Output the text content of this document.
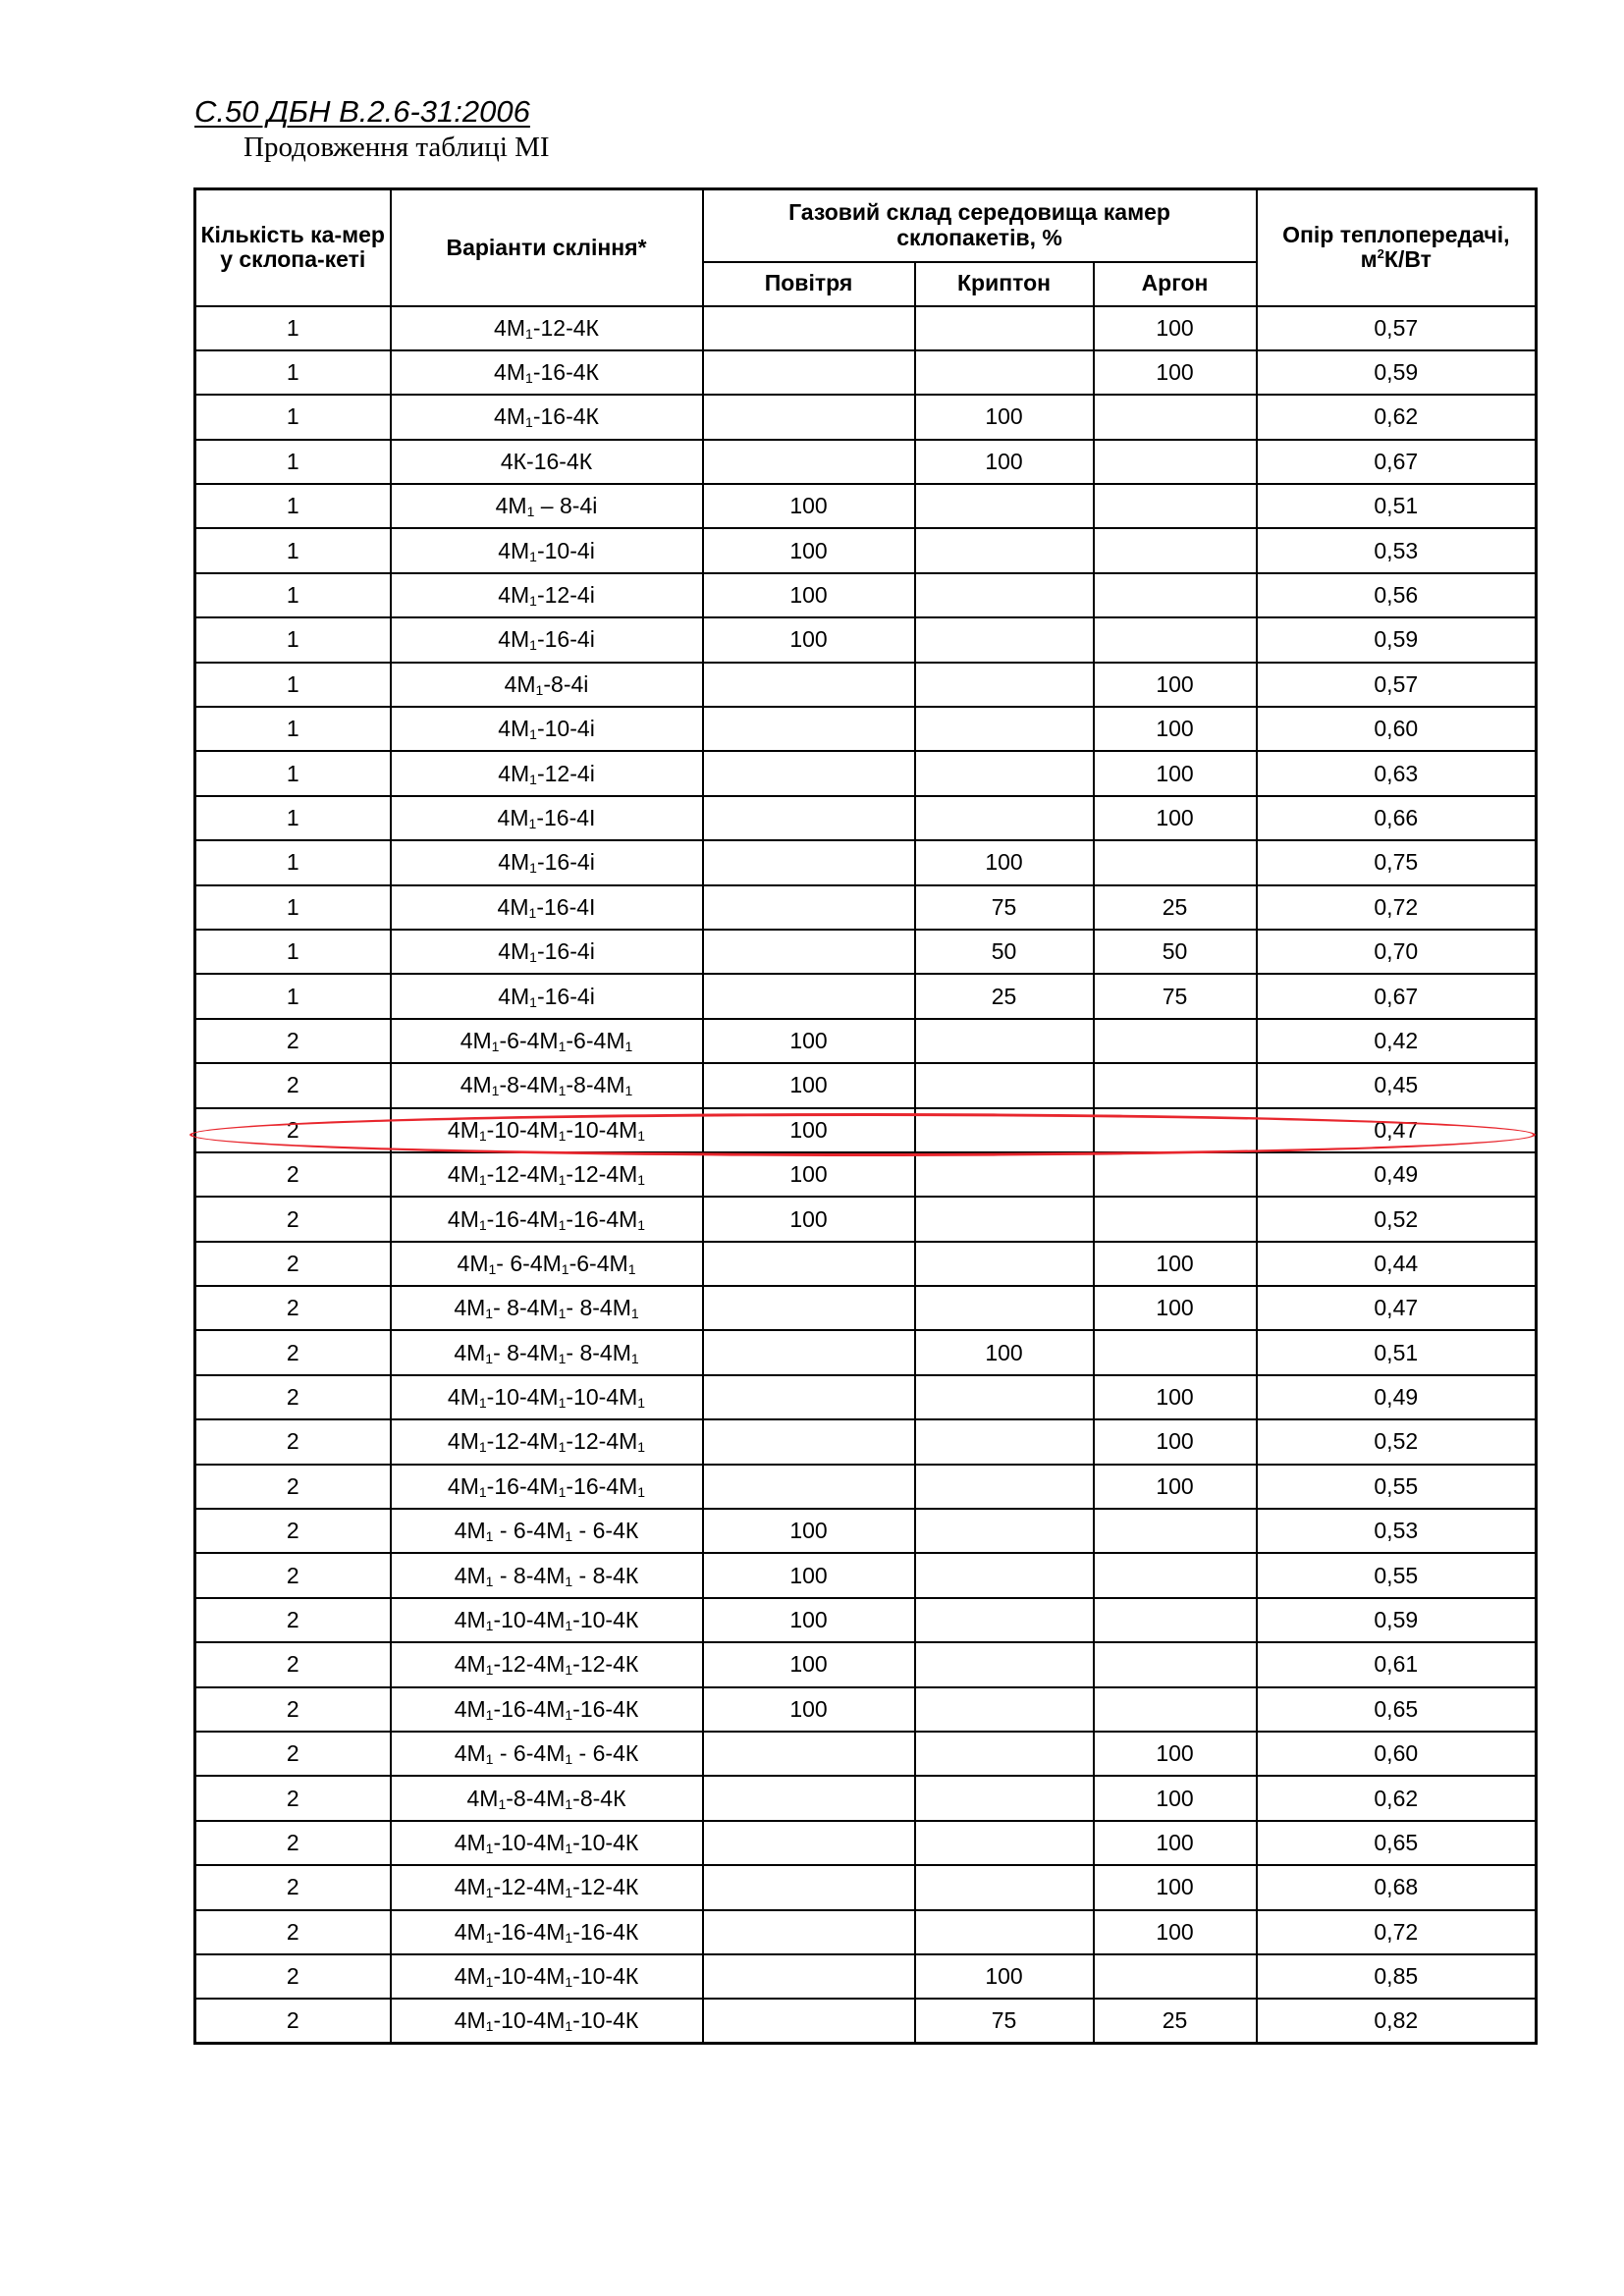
С.50 ДБН В.2.6-31:2006
Продовження таблиці МІ
Кількість ка-мер у склопа-кеті	Варіанти скління*	Газовий склад середовища камер склопакетів, %			Опір теплопередачі,
$м^2К/Вт$
		Повітря	Криптон	Аргон	
1	$4М_1-12-4К$			100	0,57
1	$4М_1-16-4К$			100	0,59
1	$4М_1-16-4К$		100		0,62
1	4К-16-4К		100		0,67
1	$4М_1 - 8-4і$	100			0,51
1	$4М_1-10-4і$	100			0,53
1	$4М_1-12-4і$	100			0,56
1	$4М_1-16-4і$	100			0,59
1	$4М_1-8-4і$			100	0,57
1	$4М_1-10-4і$			100	0,60
1	$4М_1-12-4і$			100	0,63
1	$4М_1-16-4І$			100	0,66
1	$4М_1-16-4і$		100		0,75
1	$4М_1-16-4І$		75	25	0,72
1	$4М_1-16-4і$		50	50	0,70
1	$4М_1-16-4і$		25	75	0,67
2	$4М_1-6-4М_1-6-4М_1$	100			0,42
2	$4М_1-8-4М_1-8-4М_1$	100			0,45
2	$4М_1-10-4М_1-10-4М_1$	100			0,47
2	$4М_1-12-4М_1-12-4М_1$	100			0,49
2	$4М_1-16-4М_1-16-4М_1$	100			0,52
2	$4М_1-$ $6-4М_1-6-4М_1$			100	0,44
2	$4М_1-$ $8-4М_1-$ $8-4М_1$			100	0,47
2	$4М_1-$ $8-4М_1-$ $8-4М_1$		100		0,51
2	$4М_1-10-4М_1-10-4М_1$			100	0,49
2	$4М_1-12-4М_1-12-4М_1$			100	0,52
2	$4М_1-16-4М_1-16-4М_1$			100	0,55
2	$4М_1 - 6-4М_1 - 6-4К$	100			0,53
2	$4М_1 - 8-4М_1 - 8-4К$	100			0,55
2	$4М_1-10-4М_1-10-4К$	100			0,59
2	$4М_1-12-4М_1-12-4К$	100			0,61
2	$4М_1-16-4М_1-16-4К$	100			0,65
2	$4М_1 - 6-4М_1 - 6-4К$			100	0,60
2	$4М_1-8-4М_1-8-4К$			100	0,62
2	$4М_1-10-4М_1-10-4К$			100	0,65
2	$4М_1-12-4М_1-12-4К$			100	0,68
2	$4М_1-16-4М_1-16-4К$			100	0,72
2	$4М_1-10-4М_1-10-4К$		100		0,85
2	$4М_1-10-4М_1-10-4К$		75	25	0,82
